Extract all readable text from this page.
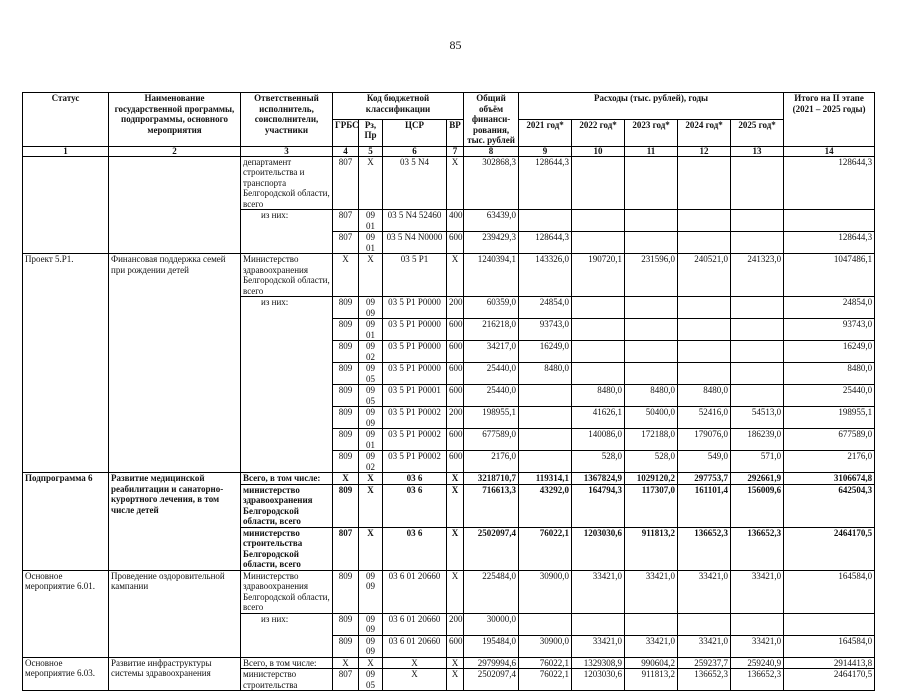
85
Статус	Наименование государственной программы, подпрограммы, основного мероприятия	Ответственный исполнитель, соисполнители, участники	Код бюджетной классификации				Общий объём финанси-рования, тыс. рублей	Расходы (тыс. рублей), годы					Итого на II этапе (2021 – 2025 годы)
			ГРБС	Рз, Пр	ЦСР	ВР		2021 год*	2022 год*	2023 год*	2024 год*	2025 год*	
1	2	3	4	5	6	7	8	9	10	11	12	13	14
		департамент строительства и транспорта Белгородской области, всего	807	Х	03 5 N4	Х	302868,3	128644,3					128644,3
		из них:	807	09 01	03 5 N4 52460	400	63439,0						
			807	09 01	03 5 N4 N0000	600	239429,3	128644,3					128644,3
Проект 5.Р1.	Финансовая поддержка семей при рождении детей	Министерство здравоохранения Белгородской области, всего	Х	Х	03 5 Р1	Х	1240394,1	143326,0	190720,1	231596,0	240521,0	241323,0	1047486,1
		из них:	809	09 09	03 5 Р1 Р0000	200	60359,0	24854,0					24854,0
			809	09 01	03 5 Р1 Р0000	600	216218,0	93743,0					93743,0
			809	09 02	03 5 Р1 Р0000	600	34217,0	16249,0					16249,0
			809	09 05	03 5 Р1 Р0000	600	25440,0	8480,0					8480,0
			809	09 05	03 5 Р1 Р0001	600	25440,0		8480,0	8480,0	8480,0		25440,0
			809	09 09	03 5 Р1 Р0002	200	198955,1		41626,1	50400,0	52416,0	54513,0	198955,1
			809	09 01	03 5 Р1 Р0002	600	677589,0		140086,0	172188,0	179076,0	186239,0	677589,0
			809	09 02	03 5 Р1 Р0002	600	2176,0		528,0	528,0	549,0	571,0	2176,0
Подпрограмма 6	Развитие медицинской реабилитации и санаторно-курортного лечения, в том числе детей	Всего, в том числе:	Х	Х	03 6	Х	3218710,7	119314,1	1367824,9	1029120,2	297753,7	292661,9	3106674,8
		министерство здравоохранения Белгородской области, всего	809	Х	03 6	Х	716613,3	43292,0	164794,3	117307,0	161101,4	156009,6	642504,3
		министерство строительства Белгородской области, всего	807	Х	03 6	Х	2502097,4	76022,1	1203030,6	911813,2	136652,3	136652,3	2464170,5
Основное мероприятие 6.01.	Проведение оздоровительной кампании	Министерство здравоохранения Белгородской области, всего	809	09 09	03 6 01 20660	Х	225484,0	30900,0	33421,0	33421,0	33421,0	33421,0	164584,0
		из них:	809	09 09	03 6 01 20660	200	30000,0						
			809	09 09	03 6 01 20660	600	195484,0	30900,0	33421,0	33421,0	33421,0	33421,0	164584,0
Основное мероприятие 6.03.	Развитие инфраструктуры системы здравоохранения	Всего, в том числе:	Х	Х	Х	Х	2979994,6	76022,1	1329308,9	990604,2	259237,7	259240,9	2914413,8
		министерство строительства	807	09 05	Х	Х	2502097,4	76022,1	1203030,6	911813,2	136652,3	136652,3	2464170,5
